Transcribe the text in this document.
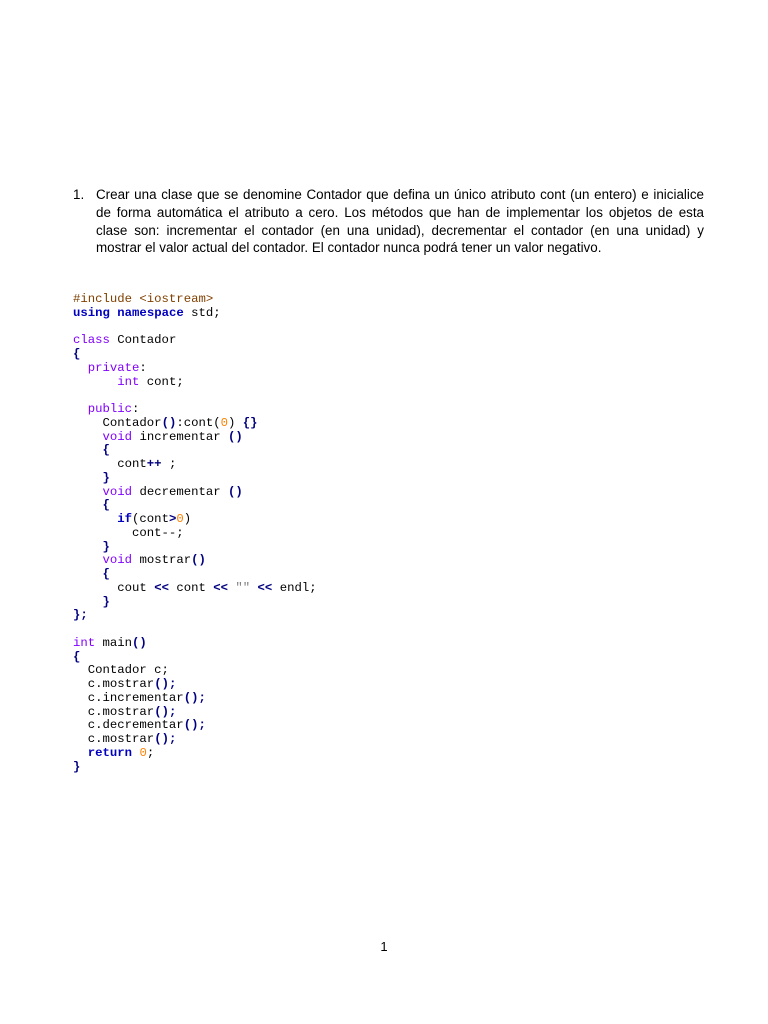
1. Crear una clase que se denomine Contador que defina un único atributo cont (un entero) e inicialice de forma automática el atributo a cero. Los métodos que han de implementar los objetos de esta clase son: incrementar el contador (en una unidad), decrementar el contador (en una unidad) y mostrar el valor actual del contador. El contador nunca podrá tener un valor negativo.
#include <iostream>
using namespace std;

class Contador
{
private:
int cont;

public:
Contador():cont(0) {}
void incrementar ()
{
cont++ ;
}
void decrementar ()
{
if(cont>0)
cont--;
}
void mostrar()
{
cout << cont << "" << endl;
}
};

int main()
{
Contador c;
c.mostrar();
c.incrementar();
c.mostrar();
c.decrementar();
c.mostrar();
return 0;
}
1
